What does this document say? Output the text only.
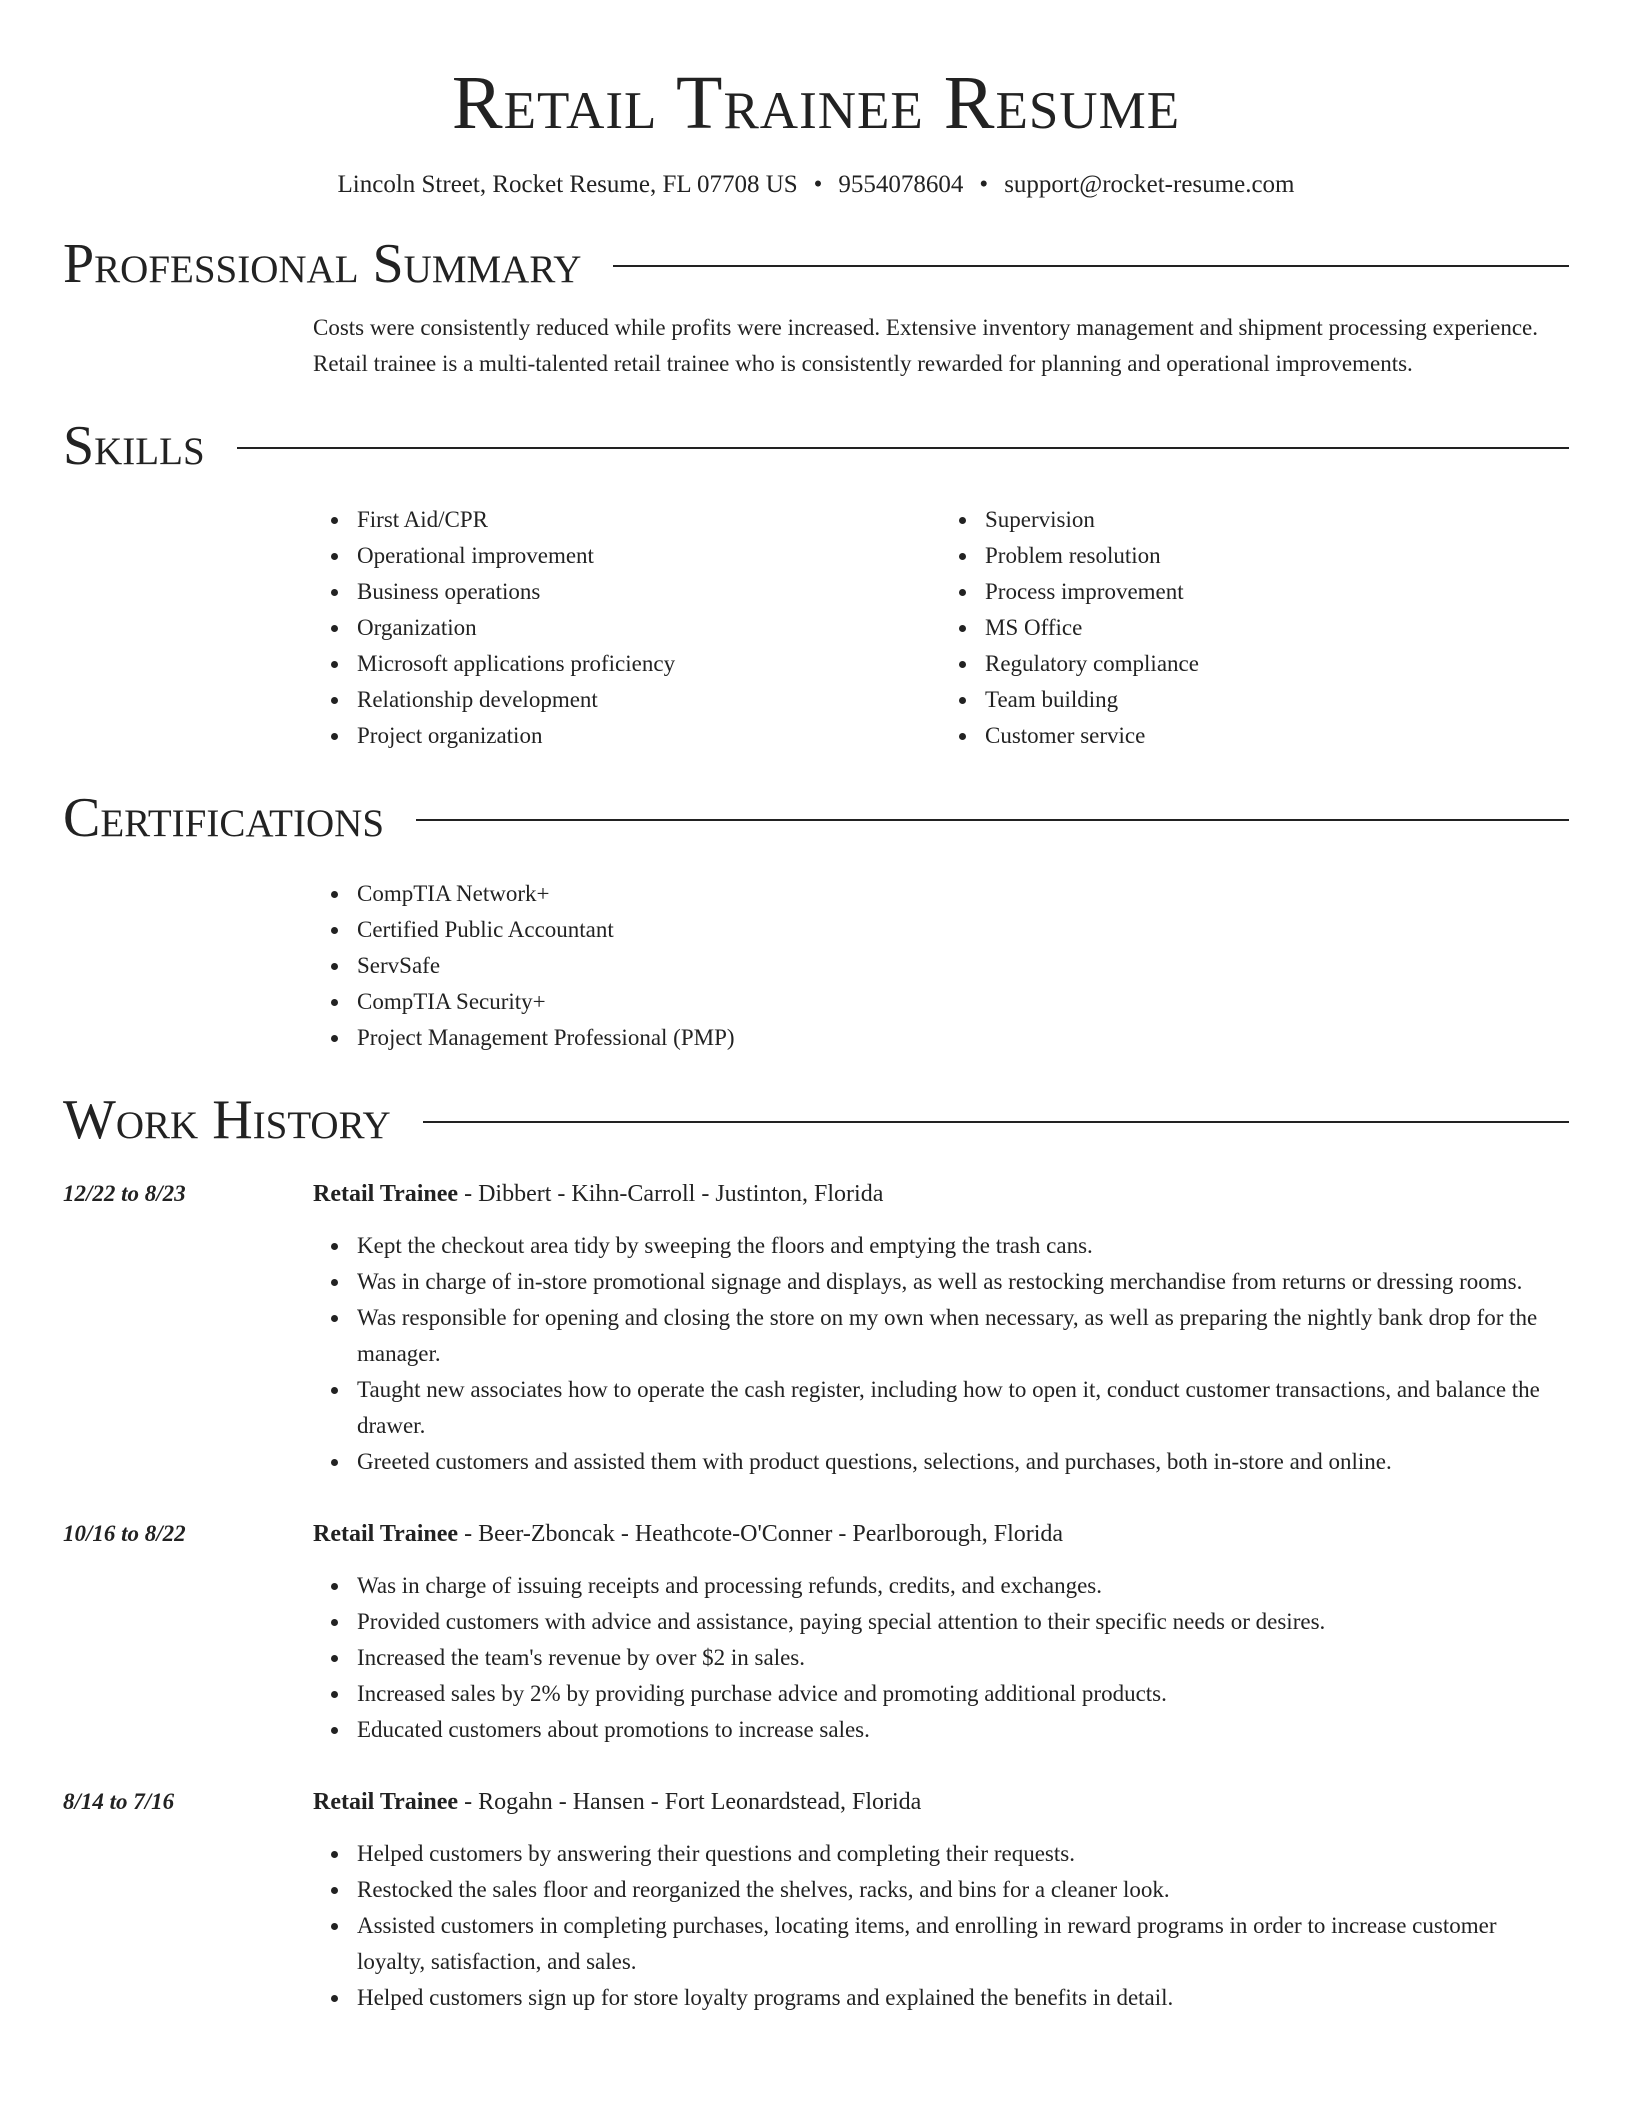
Retail Trainee Resume
Lincoln Street, Rocket Resume, FL 07708 US • 9554078604 • support@rocket-resume.com
Professional Summary
Costs were consistently reduced while profits were increased. Extensive inventory management and shipment processing experience. Retail trainee is a multi-talented retail trainee who is consistently rewarded for planning and operational improvements.
Skills
First Aid/CPR
Operational improvement
Business operations
Organization
Microsoft applications proficiency
Relationship development
Project organization
Supervision
Problem resolution
Process improvement
MS Office
Regulatory compliance
Team building
Customer service
Certifications
CompTIA Network+
Certified Public Accountant
ServSafe
CompTIA Security+
Project Management Professional (PMP)
Work History
12/22 to 8/23	Retail Trainee - Dibbert - Kihn-Carroll - Justinton, Florida
Kept the checkout area tidy by sweeping the floors and emptying the trash cans.
Was in charge of in-store promotional signage and displays, as well as restocking merchandise from returns or dressing rooms.
Was responsible for opening and closing the store on my own when necessary, as well as preparing the nightly bank drop for the manager.
Taught new associates how to operate the cash register, including how to open it, conduct customer transactions, and balance the drawer.
Greeted customers and assisted them with product questions, selections, and purchases, both in-store and online.
10/16 to 8/22	Retail Trainee - Beer-Zboncak - Heathcote-O'Conner - Pearlborough, Florida
Was in charge of issuing receipts and processing refunds, credits, and exchanges.
Provided customers with advice and assistance, paying special attention to their specific needs or desires.
Increased the team's revenue by over $2 in sales.
Increased sales by 2% by providing purchase advice and promoting additional products.
Educated customers about promotions to increase sales.
8/14 to 7/16	Retail Trainee - Rogahn - Hansen - Fort Leonardstead, Florida
Helped customers by answering their questions and completing their requests.
Restocked the sales floor and reorganized the shelves, racks, and bins for a cleaner look.
Assisted customers in completing purchases, locating items, and enrolling in reward programs in order to increase customer loyalty, satisfaction, and sales.
Helped customers sign up for store loyalty programs and explained the benefits in detail.
